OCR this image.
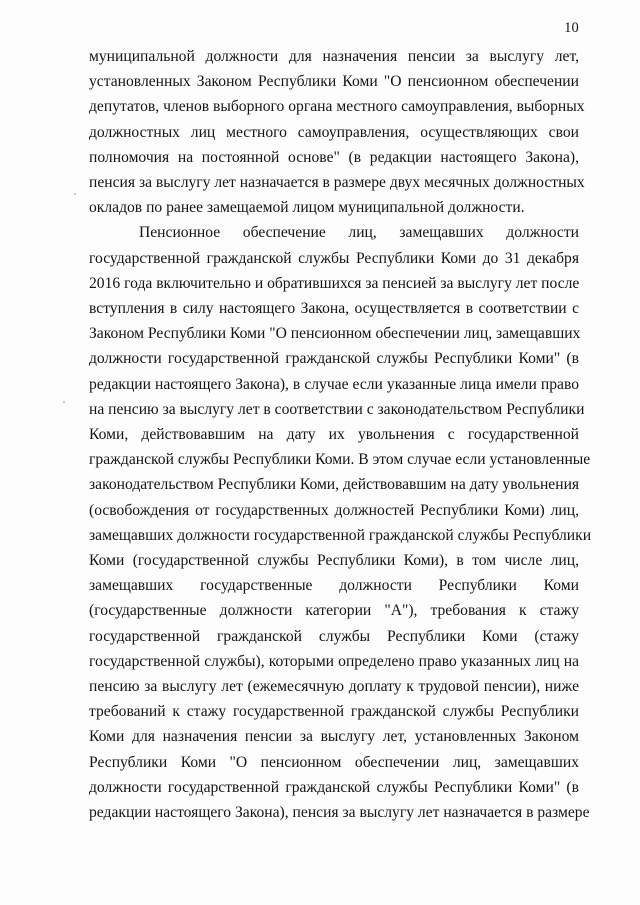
10

муниципальной должности для назначения пенсии за выслугу лет,
установленных Законом Республики Коми "О пенсионном обеспечении
депутатов, членов выборного органа местного самоуправления, выборных
должностных лиц местного самоуправления, осуществляющих свои
полномочия на постоянной основе" (в редакции настоящего Закона),
пенсия за выслугу лет назначается в размере двух месячных должностных
окладов по ранее замещаемой лицом муниципальной должности.

Пенсионное обеспечение лиц, замещавших должности
государственной гражданской службы Республики Коми до 31 декабря
2016 года включительно и обратившихся за пенсией за выслугу лет после
вступления в силу настоящего Закона, осуществляется в соответствии с
Законом Республики Коми "О пенсионном обеспечении лиц, замещавших
должности государственной гражданской службы Республики Коми" (в
редакции настоящего Закона), в случае если указанные лица имели право
на пенсию за выслугу лет в соответствии с законодательством Республики
Коми, действовавшим на дату их увольнения с государственной
гражданской службы Республики Коми. В этом случае если установленные
законодательством Республики Коми, действовавшим на дату увольнения
(освобождения от государственных должностей Республики Коми) лиц,
замещавших должности государственной гражданской службы Республики
Коми (государственной службы Республики Коми), в том числе лиц,
замещавших государственные должности Республики Коми
(государственные должности категории "А"), требования к стажу
государственной гражданской службы Республики Коми (стажу
государственной службы), которыми определено право указанных лиц на
пенсию за выслугу лет (ежемесячную доплату к трудовой пенсии), ниже
требований к стажу государственной гражданской службы Республики
Коми для назначения пенсии за выслугу лет, установленных Законом
Республики Коми "О пенсионном обеспечении лиц, замещавших
должности государственной гражданской службы Республики Коми" (в
редакции настоящего Закона), пенсия за выслугу лет назначается в размере
